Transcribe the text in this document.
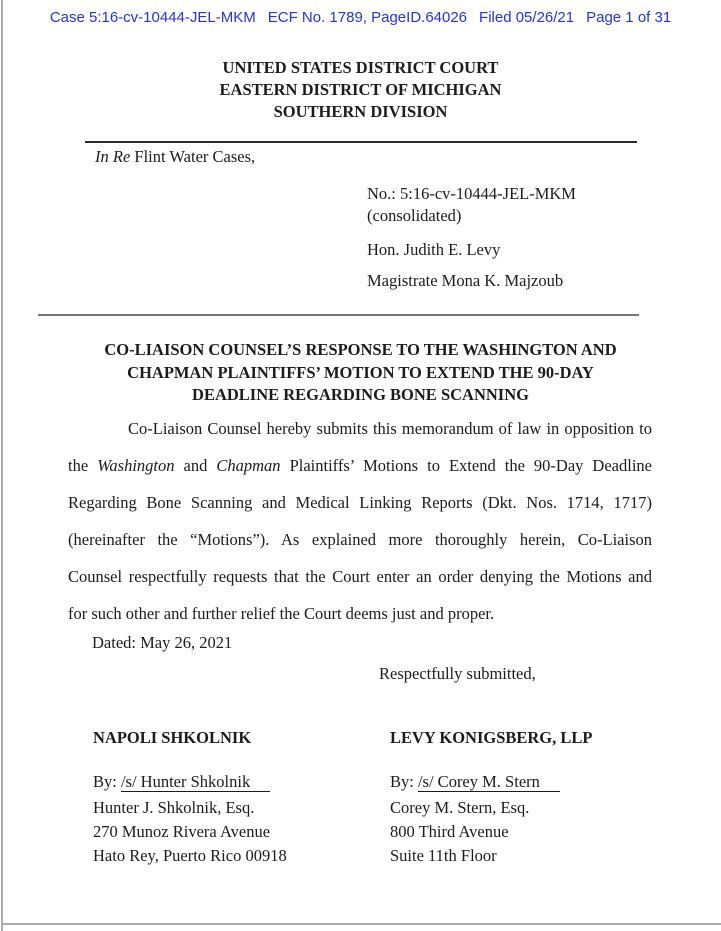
Case 5:16-cv-10444-JEL-MKM ECF No. 1789, PageID.64026 Filed 05/26/21 Page 1 of 31
UNITED STATES DISTRICT COURT
EASTERN DISTRICT OF MICHIGAN
SOUTHERN DIVISION
In Re Flint Water Cases,
No.: 5:16-cv-10444-JEL-MKM
(consolidated)
Hon. Judith E. Levy
Magistrate Mona K. Majzoub
CO-LIAISON COUNSEL’S RESPONSE TO THE WASHINGTON AND
CHAPMAN PLAINTIFFS’ MOTION TO EXTEND THE 90-DAY
DEADLINE REGARDING BONE SCANNING
Co-Liaison Counsel hereby submits this memorandum of law in opposition to
the Washington and Chapman Plaintiffs’ Motions to Extend the 90-Day Deadline
Regarding Bone Scanning and Medical Linking Reports (Dkt. Nos. 1714, 1717)
(hereinafter the “Motions”). As explained more thoroughly herein, Co-Liaison
Counsel respectfully requests that the Court enter an order denying the Motions and
for such other and further relief the Court deems just and proper.
Dated: May 26, 2021
Respectfully submitted,
NAPOLI SHKOLNIK
By: /s/ Hunter Shkolnik
Hunter J. Shkolnik, Esq.
270 Munoz Rivera Avenue
Hato Rey, Puerto Rico 00918
LEVY KONIGSBERG, LLP
By: /s/ Corey M. Stern
Corey M. Stern, Esq.
800 Third Avenue
Suite 11th Floor
